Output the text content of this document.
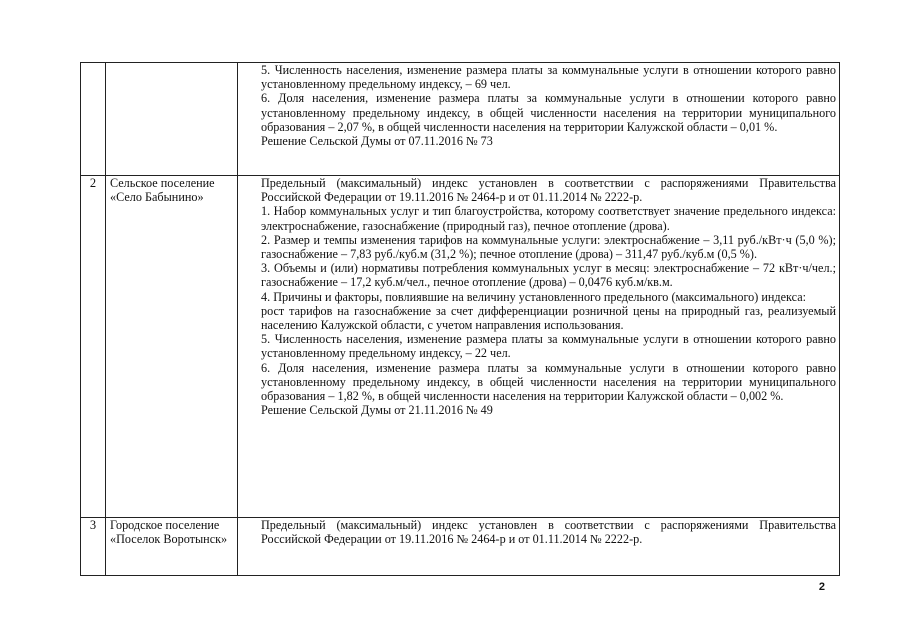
5. Численность населения, изменение размера платы за коммунальные услуги в отношении которого равно установленному предельному индексу, – 69 чел.

6. Доля населения, изменение размера платы за коммунальные услуги в отношении которого равно установленному предельному индексу, в общей численности населения на территории муниципального образования – 2,07 %, в общей численности населения на территории Калужской области – 0,01 %.

Решение Сельской Думы от 07.11.2016 № 73

2	Сельское поселение «Село Бабынино»

Предельный (максимальный) индекс установлен в соответствии с распоряжениями Правительства Российской Федерации от 19.11.2016 № 2464-р и от 01.11.2014 № 2222-р.

1. Набор коммунальных услуг и тип благоустройства, которому соответствует значение предельного индекса: электроснабжение, газоснабжение (природный газ), печное отопление (дрова).

2. Размер и темпы изменения тарифов на коммунальные услуги: электроснабжение – 3,11 руб./кВт·ч (5,0 %); газоснабжение – 7,83 руб./куб.м (31,2 %); печное отопление (дрова) – 311,47 руб./куб.м (0,5 %).

3. Объемы и (или) нормативы потребления коммунальных услуг в месяц: электроснабжение – 72 кВт·ч/чел.; газоснабжение – 17,2 куб.м/чел., печное отопление (дрова) – 0,0476 куб.м/кв.м.

4. Причины и факторы, повлиявшие на величину установленного предельного (максимального) индекса:

рост тарифов на газоснабжение за счет дифференциации розничной цены на природный газ, реализуемый населению Калужской области, с учетом направления использования.

5. Численность населения, изменение размера платы за коммунальные услуги в отношении которого равно установленному предельному индексу, – 22 чел.

6. Доля населения, изменение размера платы за коммунальные услуги в отношении которого равно установленному предельному индексу, в общей численности населения на территории муниципального образования – 1,82 %, в общей численности населения на территории Калужской области – 0,002 %.

Решение Сельской Думы от 21.11.2016 № 49

3	Городское поселение «Поселок Воротынск»

Предельный (максимальный) индекс установлен в соответствии с распоряжениями Правительства Российской Федерации от 19.11.2016 № 2464-р и от 01.11.2014 № 2222-р.

2
